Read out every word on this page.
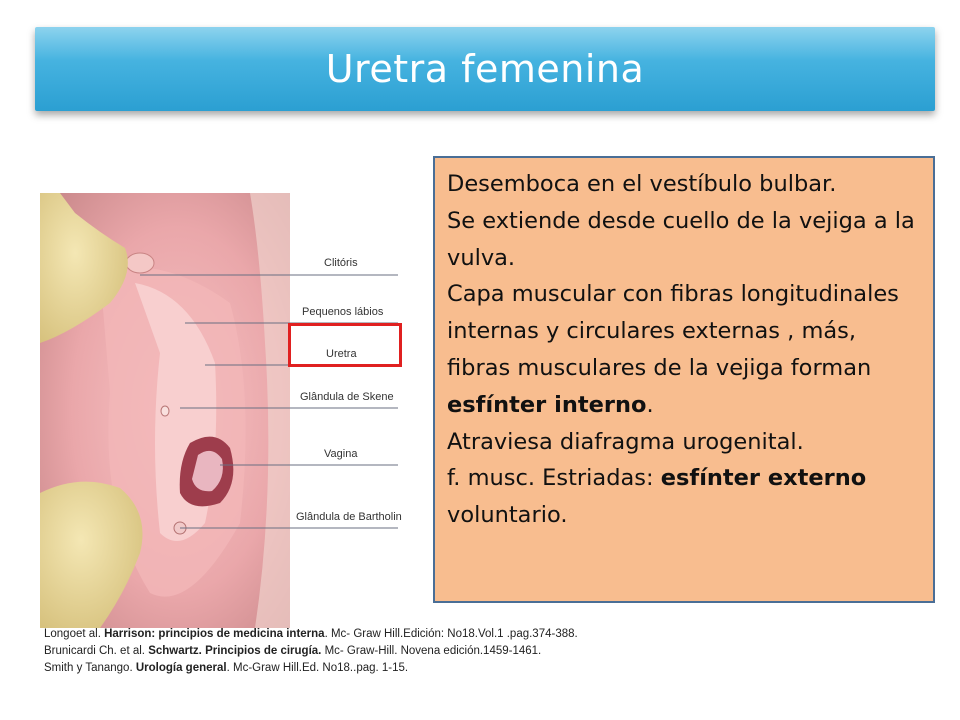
Uretra femenina
Clitóris
Pequenos lábios
Uretra
Glândula de Skene
Vagina
Glândula de Bartholin

Desemboca en el vestíbulo bulbar.

Se extiende desde cuello de la vejiga a la vulva.

Capa muscular con fibras longitudinales internas y circulares externas , más, fibras musculares de la vejiga forman esfínter interno.

Atraviesa diafragma urogenital.

f. musc. Estriadas: esfínter externo voluntario.

Longoet al. Harrison: principios de medicina interna. Mc- Graw Hill.Edición: No18.Vol.1 .pag.374-388.

Brunicardi Ch. et al. Schwartz. Principios de cirugía. Mc- Graw-Hill. Novena edición.1459-1461.

Smith y Tanango. Urología general. Mc-Graw Hill.Ed. No18..pag. 1-15.
